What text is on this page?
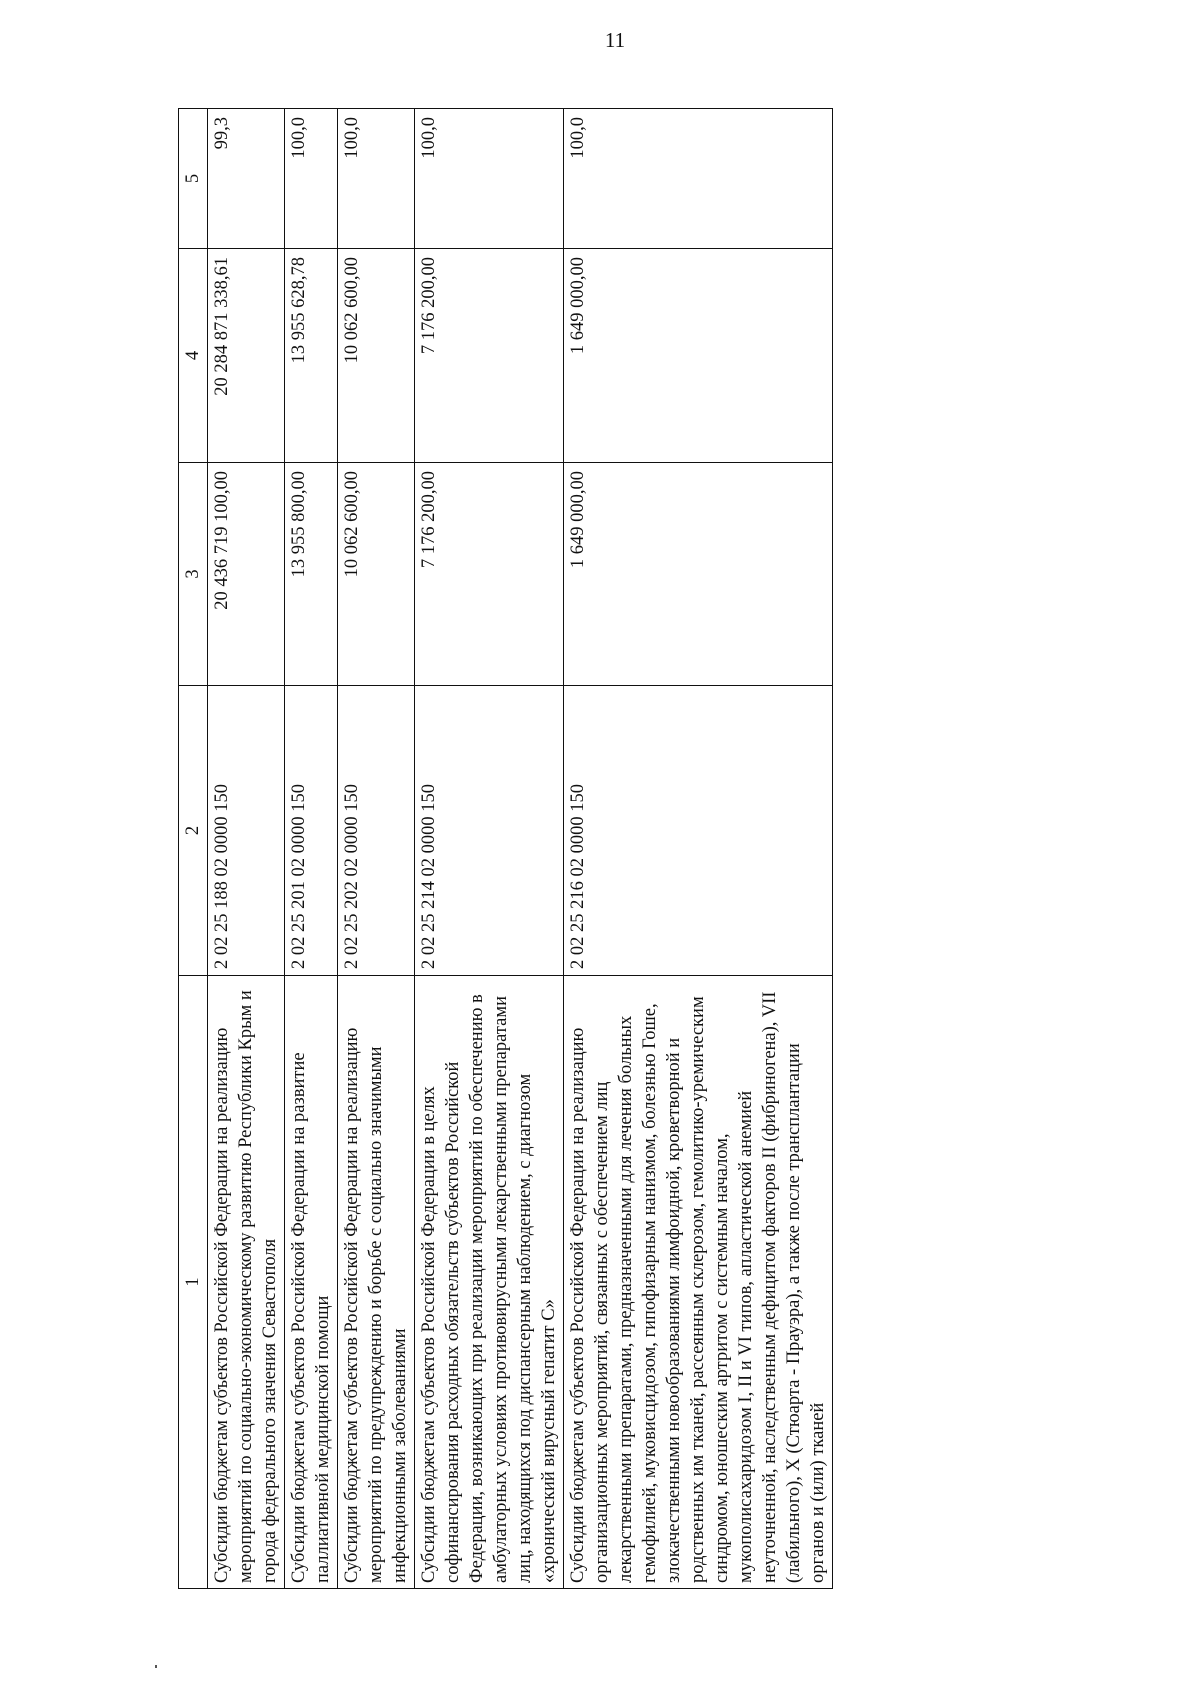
11
1	2	3	4	5
Субсидии бюджетам субъектов Российской Федерации на реализацию мероприятий по социально-экономическому развитию Республики Крым и города федерального значения Севастополя	2 02 25 188 02 0000 150	20 436 719 100,00	20 284 871 338,61	99,3
Субсидии бюджетам субъектов Российской Федерации на развитие паллиативной медицинской помощи	2 02 25 201 02 0000 150	13 955 800,00	13 955 628,78	100,0
Субсидии бюджетам субъектов Российской Федерации на реализацию мероприятий по предупреждению и борьбе с социально значимыми инфекционными заболеваниями	2 02 25 202 02 0000 150	10 062 600,00	10 062 600,00	100,0
Субсидии бюджетам субъектов Российской Федерации в целях софинансирования расходных обязательств субъектов Российской Федерации, возникающих при реализации мероприятий по обеспечению в амбулаторных условиях противовирусными лекарственными препаратами лиц, находящихся под диспансерным наблюдением, с диагнозом «хронический вирусный гепатит С»	2 02 25 214 02 0000 150	7 176 200,00	7 176 200,00	100,0
Субсидии бюджетам субъектов Российской Федерации на реализацию организационных мероприятий, связанных с обеспечением лиц лекарственными препаратами, предназначенными для лечения больных гемофилией, муковисцидозом, гипофизарным нанизмом, болезнью Гоше, злокачественными новообразованиями лимфоидной, кроветворной и родственных им тканей, рассеянным склерозом, гемолитико-уремическим синдромом, юношеским артритом с системным началом, мукополисахаридозом I, II и VI типов, апластической анемией неуточненной, наследственным дефицитом факторов II (фибриногена), VII (лабильного), X (Стюарта - Прауэра), а также после трансплантации органов и (или) тканей	2 02 25 216 02 0000 150	1 649 000,00	1 649 000,00	100,0
